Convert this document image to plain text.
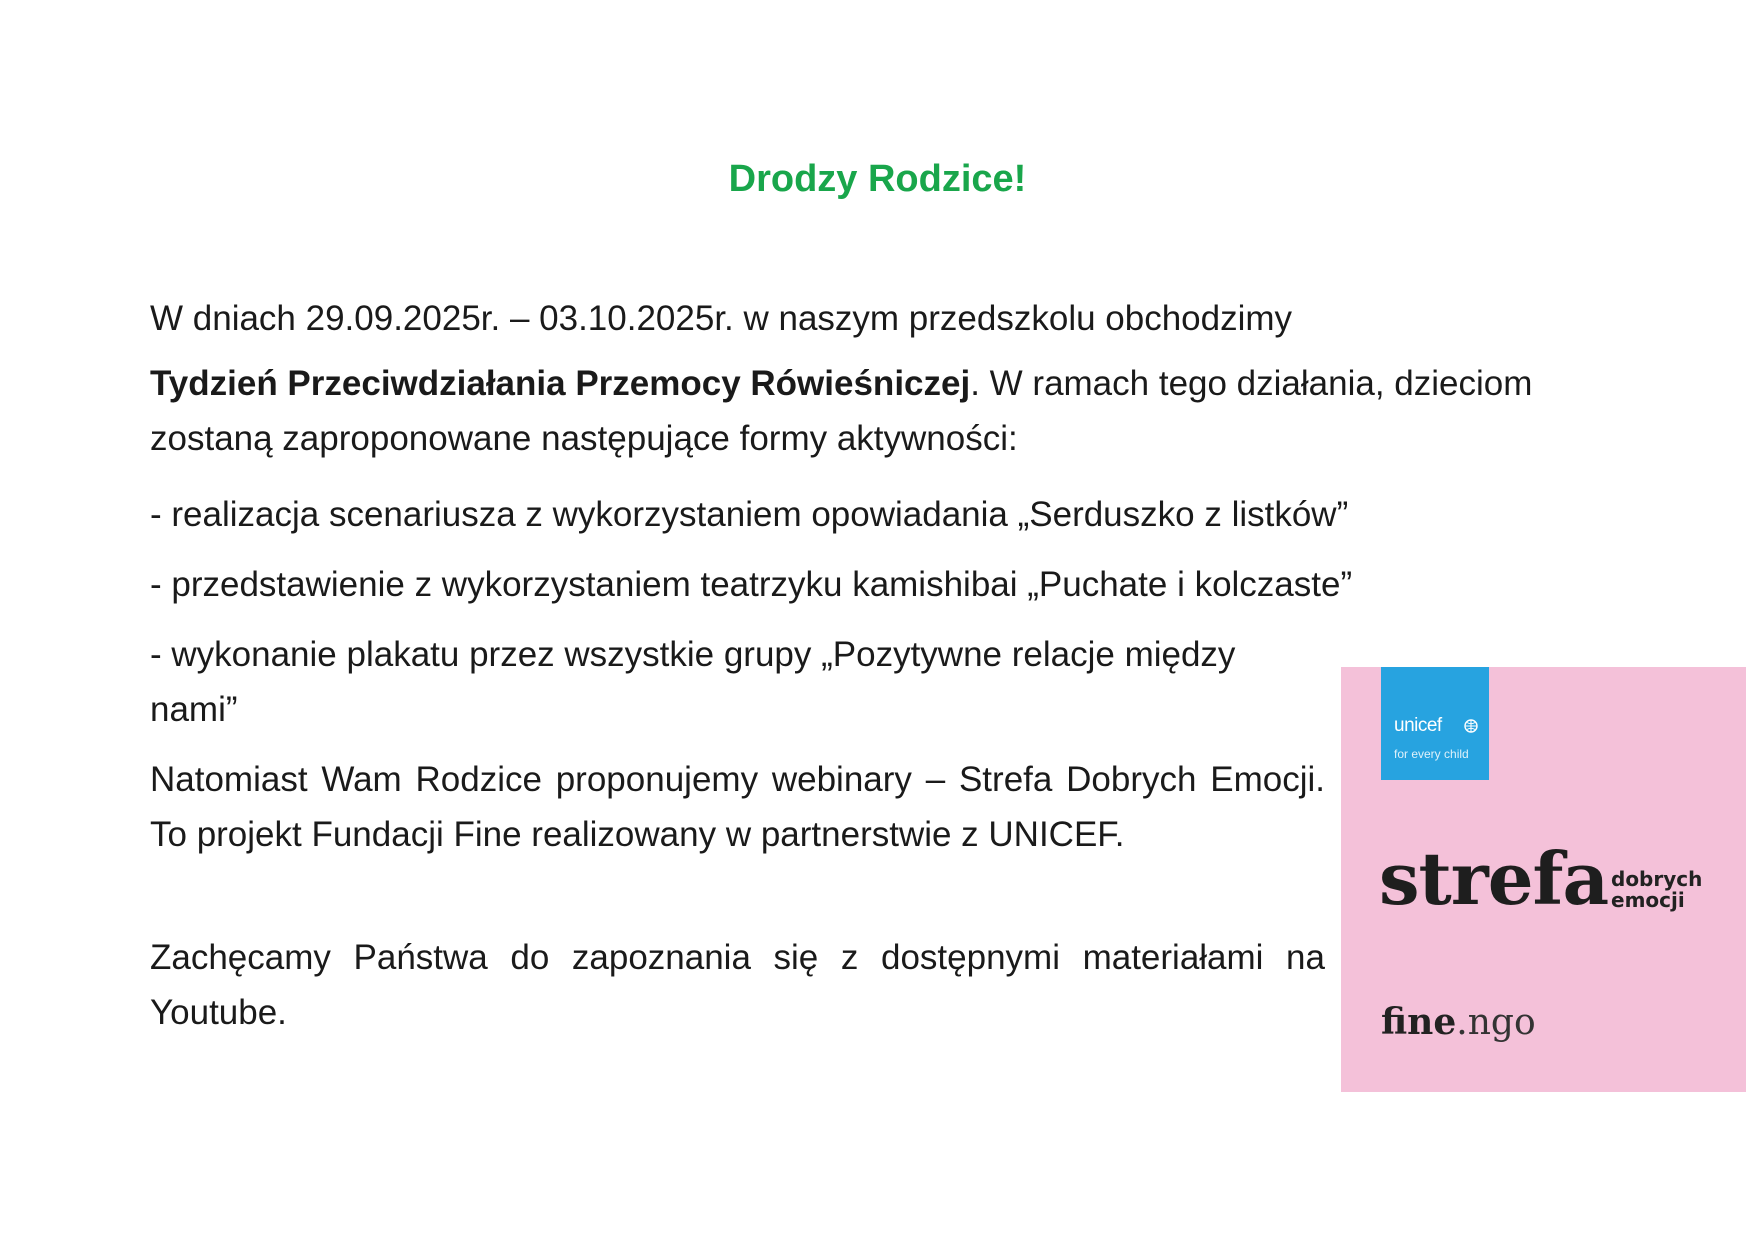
Drodzy Rodzice!

W dniach 29.09.2025r. – 03.10.2025r. w naszym przedszkolu obchodzimy

Tydzień Przeciwdziałania Przemocy Rówieśniczej. W ramach tego działania, dzieciom zostaną zaproponowane następujące formy aktywności:

- realizacja scenariusza z wykorzystaniem opowiadania „Serduszko z listków”

- przedstawienie z wykorzystaniem teatrzyku kamishibai „Puchate i kolczaste”

- wykonanie plakatu przez wszystkie grupy „Pozytywne relacje między nami”

Natomiast Wam Rodzice proponujemy webinary – Strefa Dobrych Emocji. To projekt Fundacji Fine realizowany w partnerstwie z UNICEF.

Zachęcamy Państwa do zapoznania się z dostępnymi materiałami na Youtube.

unicef
for every child
strefa dobrych
emocji
fine.ngo
